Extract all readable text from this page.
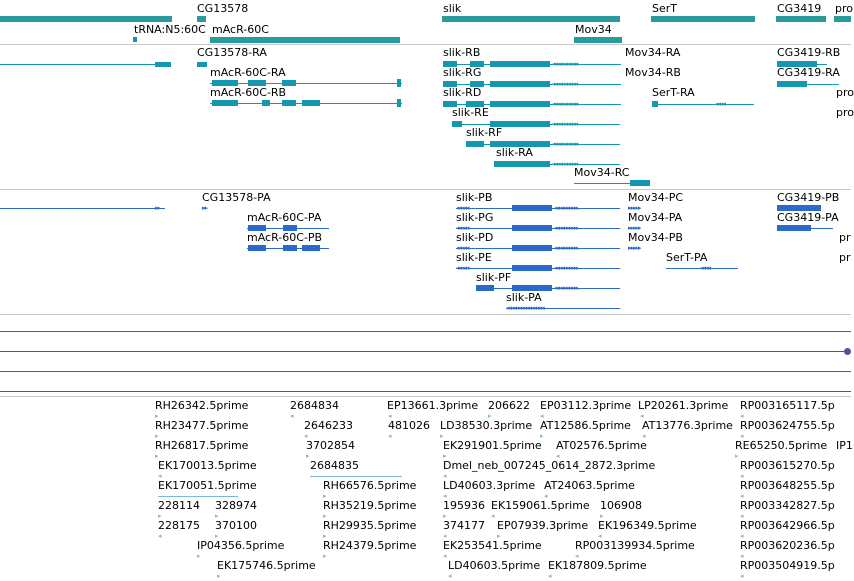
CG13578
tRNA:N5:60C mAcR-60C
slik
Mov34
SerT	CG3419 pro
CG13578-RA
mAcR-60C-RA
mAcR-60C-RB
slik-RB
◂◂◂◂◂◂◂◂◂◂
slik-RG
◂◂◂◂◂◂◂◂◂◂
slik-RD
◂◂◂◂◂◂◂◂◂◂
slik-RE
◂◂◂◂◂◂◂◂◂◂
slik-RF
◂◂◂◂◂◂◂◂◂◂
slik-RA
◂◂◂◂◂◂◂◂◂◂
Mov34-RA
Mov34-RB
Mov34-RC
SerT-RA
◂◂◂◂
CG3419-RB
CG3419-RA
pro
pro
▸▸
CG13578-PA
▸▸
mAcR-60C-PA
mAcR-60C-PB
slik-PB
◂◂◂◂◂	◂◂◂◂◂◂◂◂◂
slik-PG
◂◂◂◂◂	◂◂◂◂◂◂◂◂◂
slik-PD
◂◂◂◂◂	◂◂◂◂◂◂◂◂◂
slik-PE
◂◂◂◂◂	◂◂◂◂◂◂◂◂◂
slik-PF
◂◂◂◂◂◂◂◂◂
slik-PA
◂◂◂◂◂◂◂◂◂◂◂◂◂◂◂
Mov34-PC
▸▸▸▸▸
Mov34-PA
▸▸▸▸▸
Mov34-PB
▸▸▸▸▸
SerT-PA
◂◂◂◂
CG3419-PB
CG3419-PA
pr
pr
RH26342.5prime
▸
RH23477.5prime
▸
RH26817.5prime
▸
EK170013.5prime
◂
EK170051.5prime
228114
▸
328974
▸
228175
◂
370100
▸
IP04356.5prime
▸
EK175746.5prime
▸
2684834
◂
2646233
◂
3702854
▸
2684835
RH66576.5prime
▸
RH35219.5prime
▸
RH29935.5prime
▸
RH24379.5prime
▸
EP13661.3prime
◂
206622
▸
EP03112.3prime
◂
LP20261.3prime
◂
481026
◂
LD38530.3prime
▸
AT12586.5prime
▸
AT13776.3prime
◂
EK291901.5prime
▸
AT02576.5prime
◂
Dmel_neb_007245_0614_2872.3prime
◂
LD40603.3prime
◂
AT24063.5prime
◂
195936
▸
EK159061.5prime
◂
106908
▸
374177
◂
EP07939.3prime
▸
EK196349.5prime
◂
EK253541.5prime
◂
RP003139934.5prime
◂
LD40603.5prime
◂
EK187809.5prime
◂
RP003165117.5p
◂
RP003624755.5p
◂
RE65250.5prime
▸
IP1
RP003615270.5p
◂
RP003648255.5p
◂
RP003342827.5p
◂
RP003642966.5p
◂
RP003620236.5p
◂
RP003504919.5p
◂
